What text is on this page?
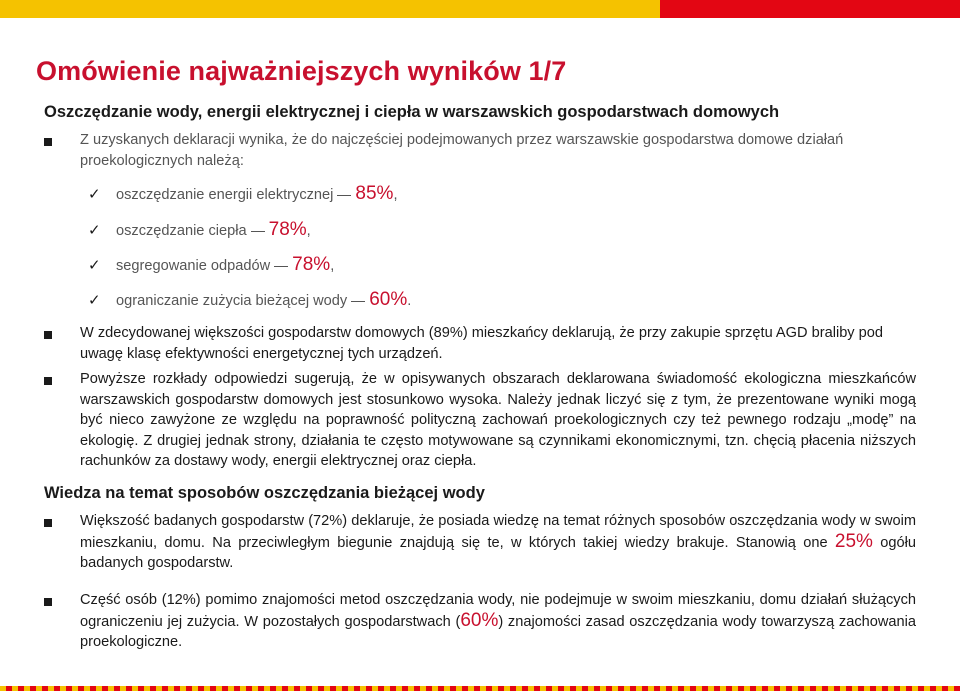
Omówienie najważniejszych wyników 1/7
Oszczędzanie wody, energii elektrycznej i ciepła w warszawskich gospodarstwach domowych
Z uzyskanych deklaracji wynika, że do najczęściej podejmowanych przez warszawskie gospodarstwa domowe działań proekologicznych należą:
✓ oszczędzanie energii elektrycznej 85%,
✓ oszczędzanie ciepła 78%,
✓ segregowanie odpadów 78%,
✓ ograniczanie zużycia bieżącej wody 60%.
W zdecydowanej większości gospodarstw domowych (89%) mieszkańcy deklarują, że przy zakupie sprzętu AGD braliby pod uwagę klasę efektywności energetycznej tych urządzeń.
Powyższe rozkłady odpowiedzi sugerują, że w opisywanych obszarach deklarowana świadomość ekologiczna mieszkańców warszawskich gospodarstw domowych jest stosunkowo wysoka. Należy jednak liczyć się z tym, że prezentowane wyniki mogą być nieco zawyżone ze względu na poprawność polityczną zachowań proekologicznych czy też pewnego rodzaju „modę” na ekologię. Z drugiej jednak strony, działania te często motywowane są czynnikami ekonomicznymi, tzn. chęcią płacenia niższych rachunków za dostawy wody, energii elektrycznej oraz ciepła.
Wiedza na temat sposobów oszczędzania bieżącej wody
Większość badanych gospodarstw (72%) deklaruje, że posiada wiedzę na temat różnych sposobów oszczędzania wody w swoim mieszkaniu, domu. Na przeciwległym biegunie znajdują się te, w których takiej wiedzy brakuje. Stanowią one 25% ogółu badanych gospodarstw.
Część osób (12%) pomimo znajomości metod oszczędzania wody, nie podejmuje w swoim mieszkaniu, domu działań służących ograniczeniu jej zużycia. W pozostałych gospodarstwach (60%) znajomości zasad oszczędzania wody towarzyszą zachowania proekologiczne.
